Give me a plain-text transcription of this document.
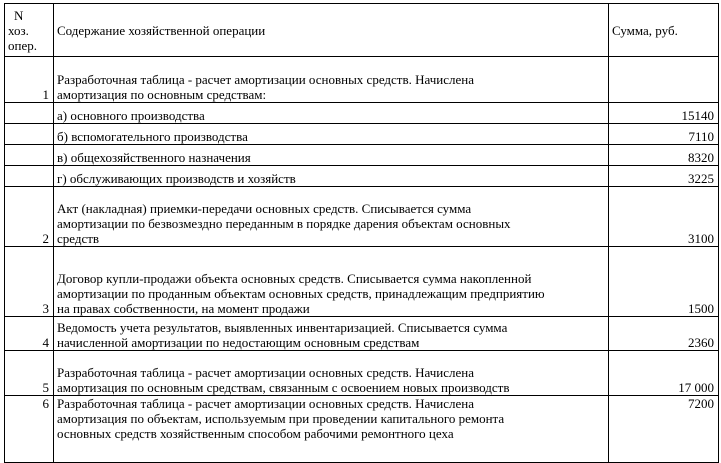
N
хоз.
опер.	Содержание хозяйственной операции	Сумма, руб.
1	Разработочная таблица - расчет амортизации основных средств. Начислена
амортизация по основным средствам:	

	а) основного производства	15140

	б) вспомогательного производства	7110

	в) общехозяйственного назначения	8320

	г) обслуживающих производств и хозяйств	3225
2	Акт (накладная) приемки-передачи основных средств. Списывается сумма
амортизации по безвозмездно переданным в порядке дарения объектам основных
средств	3100
3	Договор купли-продажи объекта основных средств. Списывается сумма накопленной
амортизации по проданным объектам основных средств, принадлежащим предприятию
на правах собственности, на момент продажи	1500
4	Ведомость учета результатов, выявленных инвентаризацией. Списывается сумма
начисленной амортизации по недостающим основным средствам	2360
5	Разработочная таблица - расчет амортизации основных средств. Начислена
амортизация по основным средствам, связанным с освоением новых производств	17 000
6	Разработочная таблица - расчет амортизации основных средств. Начислена
амортизация по объектам, используемым при проведении капитального ремонта
основных средств хозяйственным способом рабочими ремонтного цеха	7200
